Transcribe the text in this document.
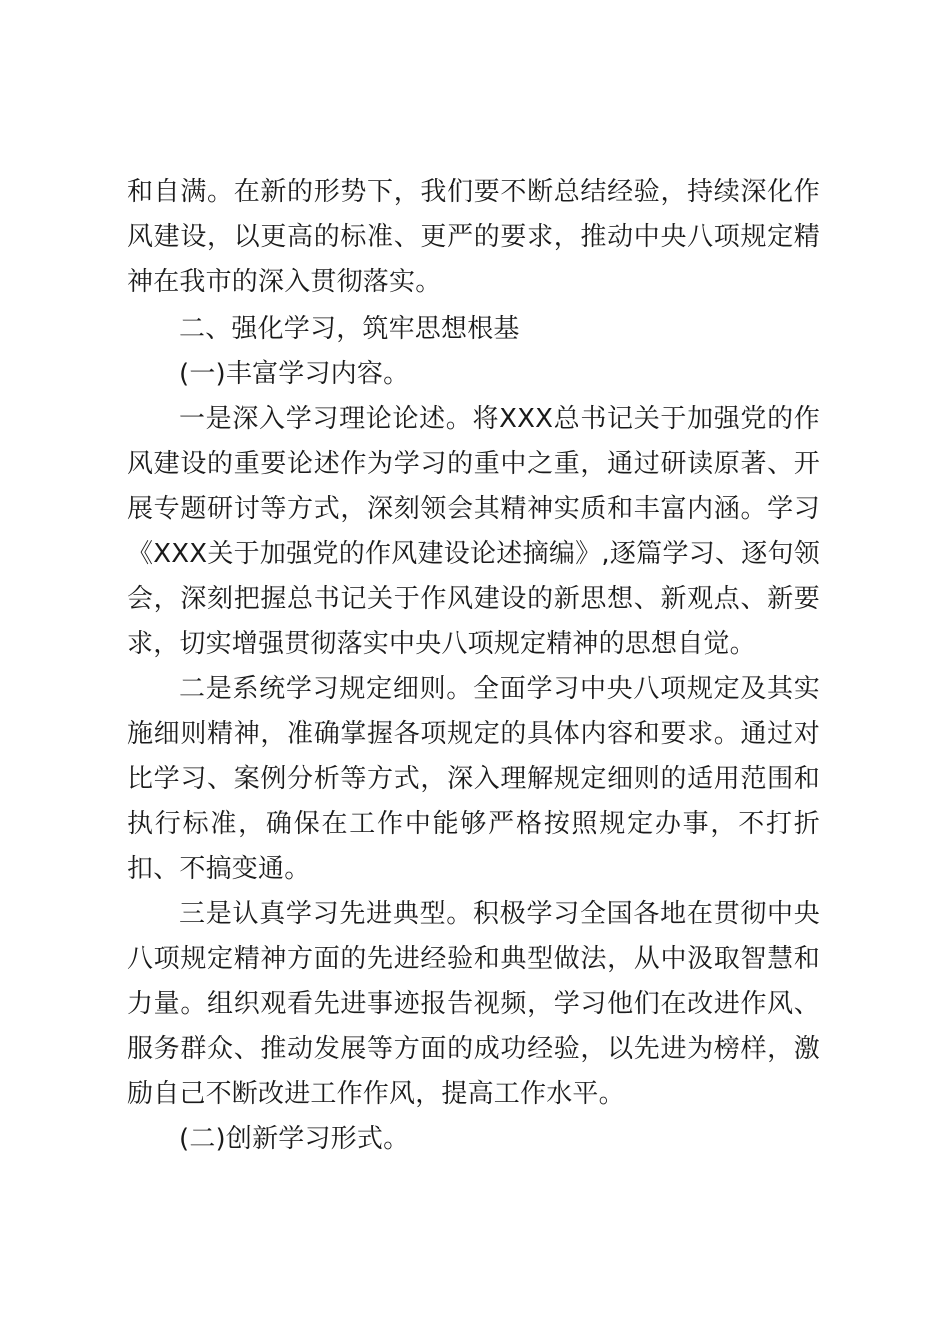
和自满。在新的形势下，我们要不断总结经验，持续深化作风建设，以更高的标准、更严的要求，推动中央八项规定精神在我市的深入贯彻落实。

二、强化学习，筑牢思想根基

(一)丰富学习内容。

一是深入学习理论论述。将XXX总书记关于加强党的作风建设的重要论述作为学习的重中之重，通过研读原著、开展专题研讨等方式，深刻领会其精神实质和丰富内涵。学习《XXX关于加强党的作风建设论述摘编》,逐篇学习、逐句领会，深刻把握总书记关于作风建设的新思想、新观点、新要求，切实增强贯彻落实中央八项规定精神的思想自觉。

二是系统学习规定细则。全面学习中央八项规定及其实施细则精神，准确掌握各项规定的具体内容和要求。通过对比学习、案例分析等方式，深入理解规定细则的适用范围和执行标准，确保在工作中能够严格按照规定办事，不打折扣、不搞变通。

三是认真学习先进典型。积极学习全国各地在贯彻中央八项规定精神方面的先进经验和典型做法，从中汲取智慧和力量。组织观看先进事迹报告视频，学习他们在改进作风、服务群众、推动发展等方面的成功经验，以先进为榜样，激励自己不断改进工作作风，提高工作水平。

(二)创新学习形式。
